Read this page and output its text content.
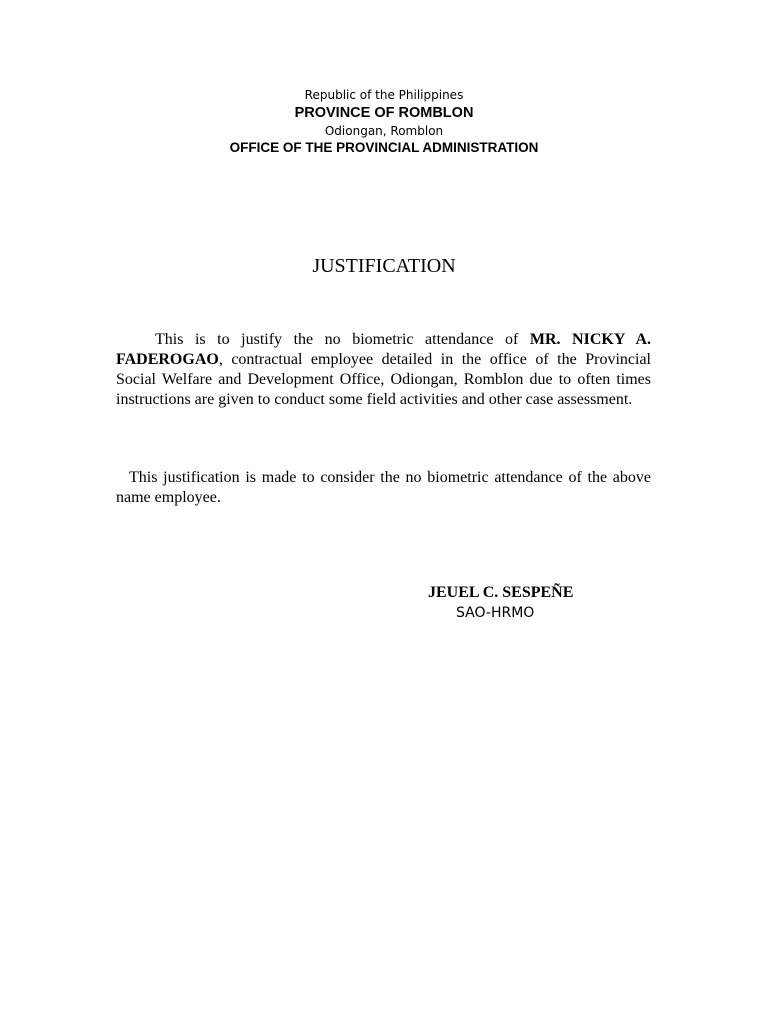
Republic of the Philippines

PROVINCE OF ROMBLON

Odiongan, Romblon

OFFICE OF THE PROVINCIAL ADMINISTRATION

JUSTIFICATION

This is to justify the no biometric attendance of MR. NICKY A. FADEROGAO, contractual employee detailed in the office of the Provincial Social Welfare and Development Office, Odiongan, Romblon due to often times instructions are given to conduct some field activities and other case assessment.

This justification is made to consider the no biometric attendance of the above name employee.

JEUEL C. SESPEÑE

SAO-HRMO
